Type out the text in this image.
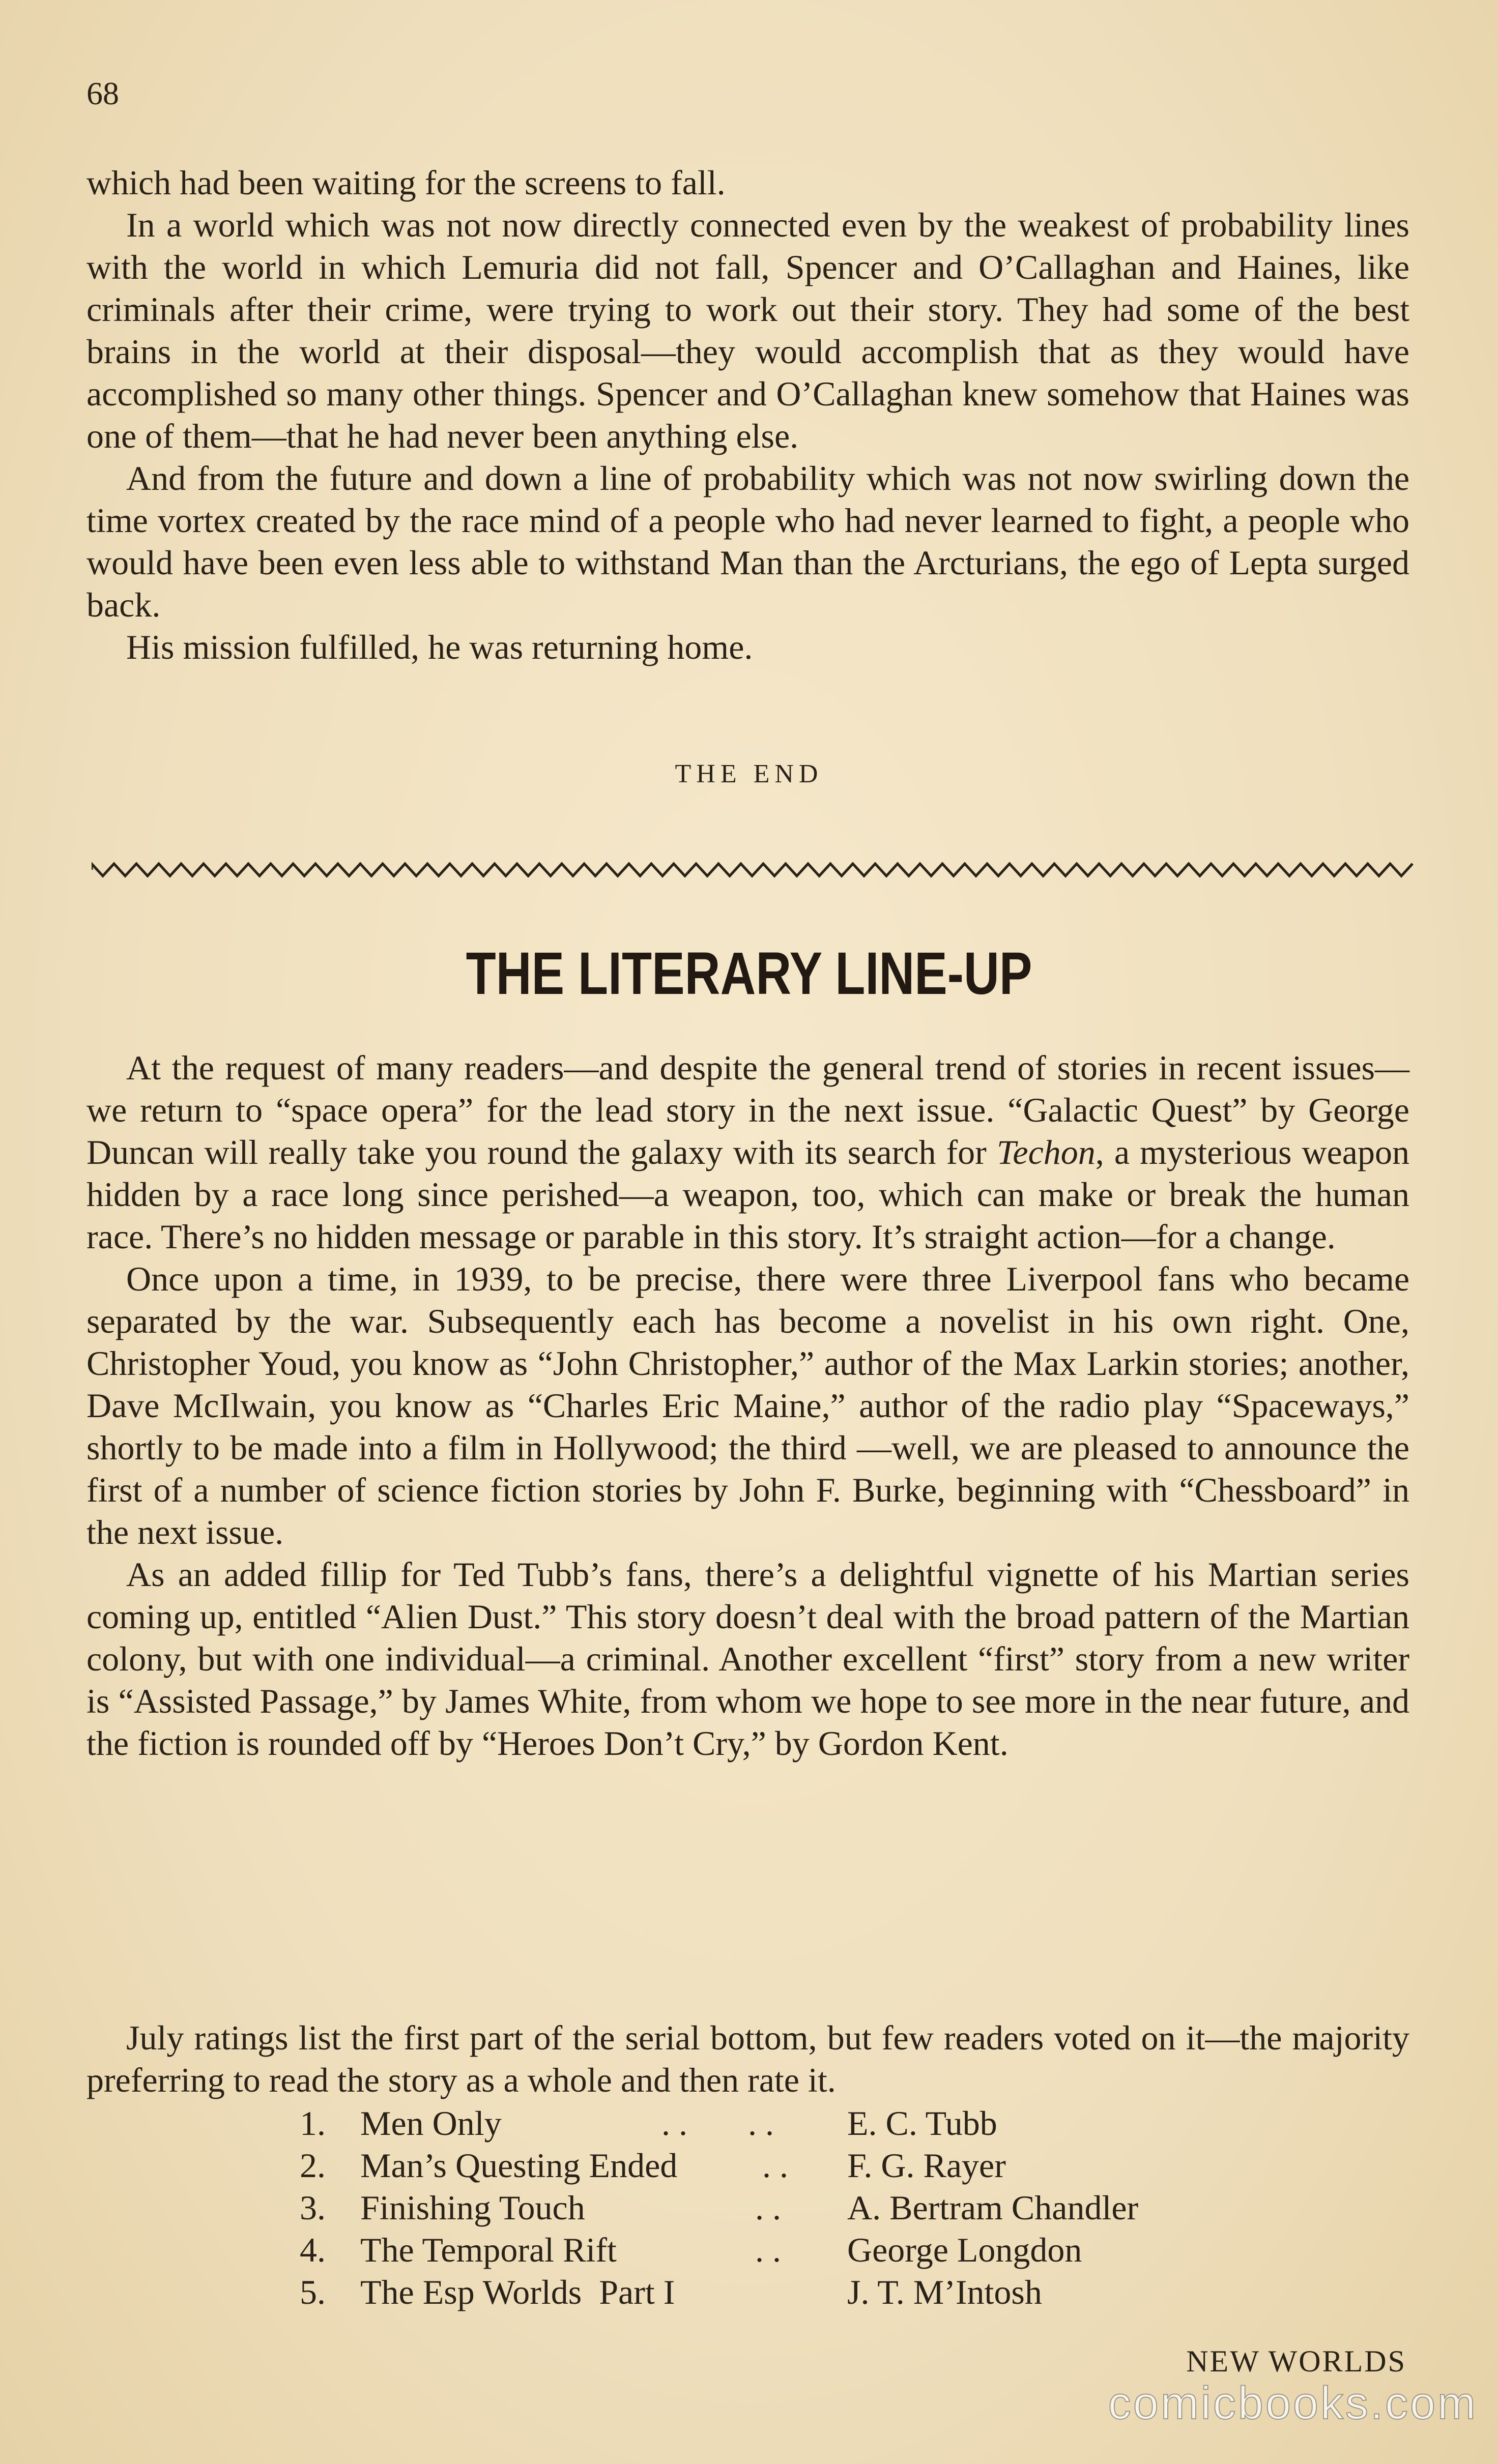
68

which had been waiting for the screens to fall.

In a world which was not now directly connected even by the weakest of probability lines with the world in which Lemuria did not fall, Spencer and O’Callaghan and Haines, like criminals after their crime, were trying to work out their story. They had some of the best brains in the world at their disposal—they would accomplish that as they would have accomplished so many other things. Spencer and O’Callaghan knew somehow that Haines was one of them—that he had never been anything else.

And from the future and down a line of probability which was not now swirling down the time vortex created by the race mind of a people who had never learned to fight, a people who would have been even less able to withstand Man than the Arcturians, the ego of Lepta surged back.

His mission fulfilled, he was returning home.

THE END
THE LITERARY LINE-UP

At the request of many readers—and despite the general trend of stories in recent issues—we return to “space opera” for the lead story in the next issue. “Galactic Quest” by George Duncan will really take you round the galaxy with its search for Techon, a mysterious weapon hidden by a race long since perished—a weapon, too, which can make or break the human race. There’s no hidden message or parable in this story. It’s straight action—for a change.

Once upon a time, in 1939, to be precise, there were three Liverpool fans who became separated by the war. Subsequently each has become a novelist in his own right. One, Christopher Youd, you know as “John Christopher,” author of the Max Larkin stories; another, Dave McIlwain, you know as “Charles Eric Maine,” author of the radio play “Spaceways,” shortly to be made into a film in Hollywood; the third —well, we are pleased to announce the first of a number of science fiction stories by John F. Burke, beginning with “Chessboard” in the next issue.

As an added fillip for Ted Tubb’s fans, there’s a delightful vignette of his Martian series coming up, entitled “Alien Dust.” This story doesn’t deal with the broad pattern of the Martian colony, but with one individual—a criminal. Another excellent “first” story from a new writer is “Assisted Passage,” by James White, from whom we hope to see more in the near future, and the fiction is rounded off by “Heroes Don’t Cry,” by Gordon Kent.

July ratings list the first part of the serial bottom, but few readers voted on it—the majority preferring to read the story as a whole and then rate it.

1. Men Only	. .       . . E. C. Tubb
2. Man’s Questing Ended . . F. G. Rayer
3. Finishing Touch	. . A. Bertram Chandler
4. The Temporal Rift	. . George Longdon
5. The Esp Worlds  Part I	J. T. M’Intosh
NEW WORLDS
comicbooks.com
